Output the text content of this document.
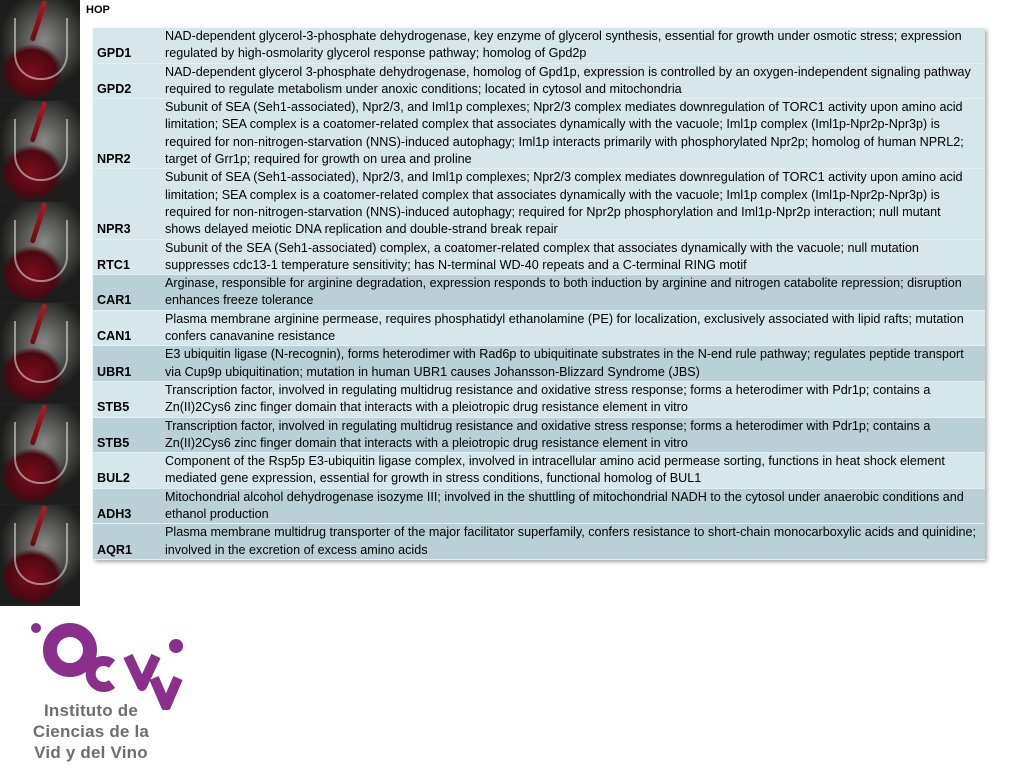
HOP
GPD1
NAD-dependent glycerol-3-phosphate dehydrogenase, key enzyme of glycerol synthesis, essential for growth under osmotic stress; expression regulated by high-osmolarity glycerol response pathway; homolog of Gpd2p
GPD2
NAD-dependent glycerol 3-phosphate dehydrogenase, homolog of Gpd1p, expression is controlled by an oxygen-independent signaling pathway required to regulate metabolism under anoxic conditions; located in cytosol and mitochondria
NPR2
Subunit of SEA (Seh1-associated), Npr2/3, and Iml1p complexes; Npr2/3 complex mediates downregulation of TORC1 activity upon amino acid limitation; SEA complex is a coatomer-related complex that associates dynamically with the vacuole; Iml1p complex (Iml1p-Npr2p-Npr3p) is required for non-nitrogen-starvation (NNS)-induced autophagy; Iml1p interacts primarily with phosphorylated Npr2p; homolog of human NPRL2; target of Grr1p; required for growth on urea and proline
NPR3
Subunit of SEA (Seh1-associated), Npr2/3, and Iml1p complexes; Npr2/3 complex mediates downregulation of TORC1 activity upon amino acid limitation; SEA complex is a coatomer-related complex that associates dynamically with the vacuole; Iml1p complex (Iml1p-Npr2p-Npr3p) is required for non-nitrogen-starvation (NNS)-induced autophagy; required for Npr2p phosphorylation and Iml1p-Npr2p interaction; null mutant shows delayed meiotic DNA replication and double-strand break repair
RTC1
Subunit of the SEA (Seh1-associated) complex, a coatomer-related complex that associates dynamically with the vacuole; null mutation suppresses cdc13-1 temperature sensitivity; has N-terminal WD-40 repeats and a C-terminal RING motif
CAR1
Arginase, responsible for arginine degradation, expression responds to both induction by arginine and nitrogen catabolite repression; disruption enhances freeze tolerance
CAN1
Plasma membrane arginine permease, requires phosphatidyl ethanolamine (PE) for localization, exclusively associated with lipid rafts; mutation confers canavanine resistance
UBR1
E3 ubiquitin ligase (N-recognin), forms heterodimer with Rad6p to ubiquitinate substrates in the N-end rule pathway; regulates peptide transport via Cup9p ubiquitination; mutation in human UBR1 causes Johansson-Blizzard Syndrome (JBS)
STB5
Transcription factor, involved in regulating multidrug resistance and oxidative stress response; forms a heterodimer with Pdr1p; contains a Zn(II)2Cys6 zinc finger domain that interacts with a pleiotropic drug resistance element in vitro
STB5
Transcription factor, involved in regulating multidrug resistance and oxidative stress response; forms a heterodimer with Pdr1p; contains a Zn(II)2Cys6 zinc finger domain that interacts with a pleiotropic drug resistance element in vitro
BUL2
Component of the Rsp5p E3-ubiquitin ligase complex, involved in intracellular amino acid permease sorting, functions in heat shock element mediated gene expression, essential for growth in stress conditions, functional homolog of BUL1
ADH3
Mitochondrial alcohol dehydrogenase isozyme III; involved in the shuttling of mitochondrial NADH to the cytosol under anaerobic conditions and ethanol production
AQR1
Plasma membrane multidrug transporter of the major facilitator superfamily, confers resistance to short-chain monocarboxylic acids and quinidine; involved in the excretion of excess amino acids
Instituto de
Ciencias de la
Vid y del Vino
